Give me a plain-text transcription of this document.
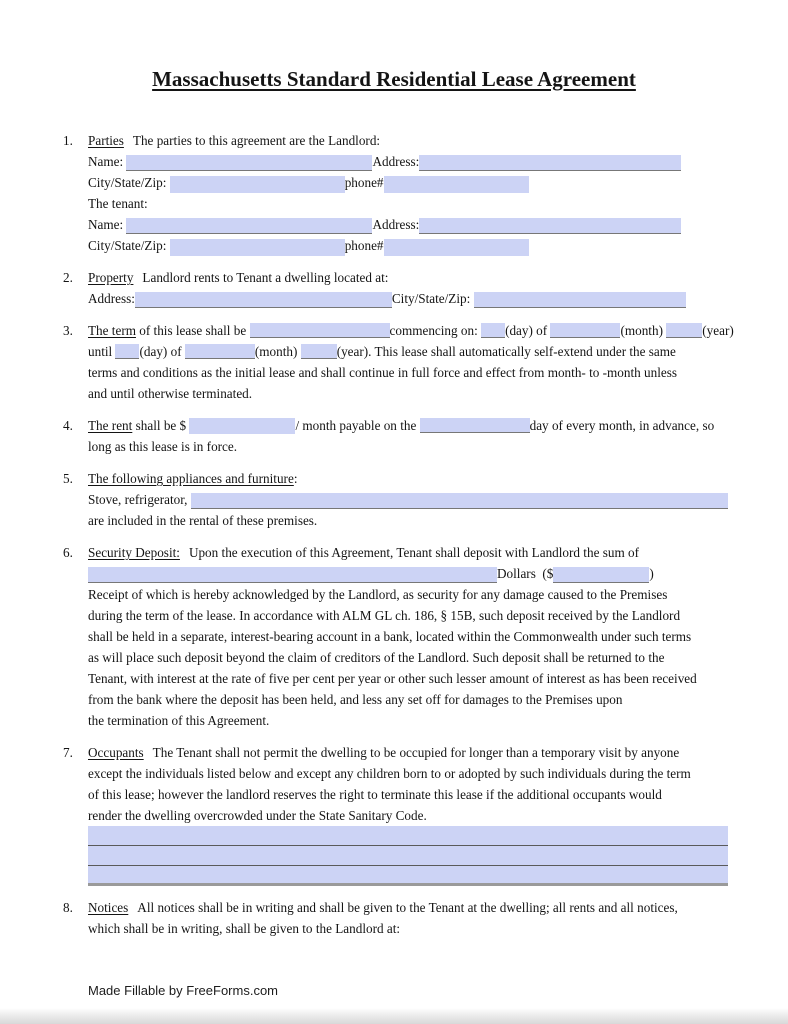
Massachusetts Standard Residential Lease Agreement
1.	Parties The parties to this agreement are the Landlord:
Name:	Address:
City/State/Zip:	phone#
The tenant:
Name:	Address:
City/State/Zip:	phone#
2.	Property Landlord rents to Tenant a dwelling located at:
Address:	City/State/Zip:
3.	The term of this lease shall be	commencing on: (day) of	(month)	(year)
until (day) of	(month)	(year). This lease shall automatically self-extend under the same
terms and conditions as the initial lease and shall continue in full force and effect from month- to -month unless
and until otherwise terminated.
4.	The rent shall be $	/ month payable on the	day of every month, in advance, so
long as this lease is in force.
5.	The following appliances and furniture:
Stove, refrigerator,
are included in the rental of these premises.
6.	Security Deposit: Upon the execution of this Agreement, Tenant shall deposit with Landlord the sum of
Dollars  ($	)
Receipt of which is hereby acknowledged by the Landlord, as security for any damage caused to the Premises
during the term of the lease. In accordance with ALM GL ch. 186, § 15B, such deposit received by the Landlord
shall be held in a separate, interest-bearing account in a bank, located within the Commonwealth under such terms
as will place such deposit beyond the claim of creditors of the Landlord. Such deposit shall be returned to the
Tenant, with interest at the rate of five per cent per year or other such lesser amount of interest as has been received
from the bank where the deposit has been held, and less any set off for damages to the Premises upon
the termination of this Agreement.
7.	Occupants The Tenant shall not permit the dwelling to be occupied for longer than a temporary visit by anyone
except the individuals listed below and except any children born to or adopted by such individuals during the term
of this lease; however the landlord reserves the right to terminate this lease if the additional occupants would
render the dwelling overcrowded under the State Sanitary Code.
8.	Notices All notices shall be in writing and shall be given to the Tenant at the dwelling; all rents and all notices,
which shall be in writing, shall be given to the Landlord at:
Made Fillable by FreeForms.com
